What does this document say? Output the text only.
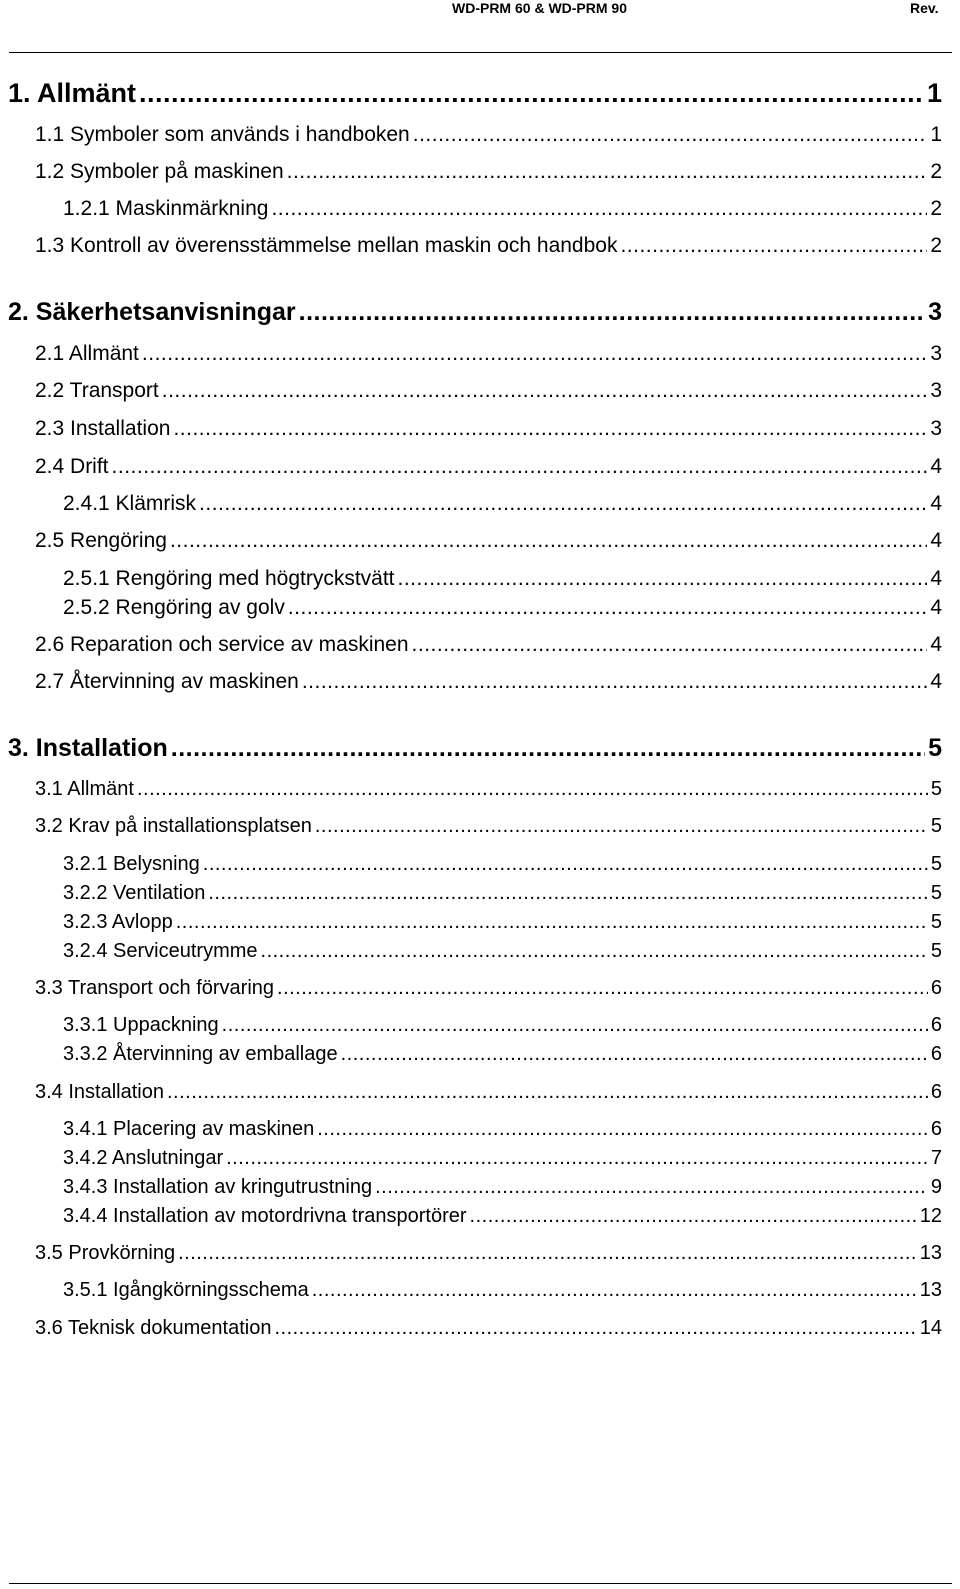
WD-PRM 60 & WD-PRM 90	Rev.
1. Allmänt .....	1
1.1 Symboler som används i handboken .....	1
1.2 Symboler på maskinen .....	2
1.2.1 Maskinmärkning .....	2
1.3 Kontroll av överensstämmelse mellan maskin och handbok .....	2
2. Säkerhetsanvisningar .....	3
2.1 Allmänt .....	3
2.2 Transport .....	3
2.3 Installation .....	3
2.4 Drift .....	4
2.4.1 Klämrisk .....	4
2.5 Rengöring .....	4
2.5.1 Rengöring med högtryckstvätt .....	4
2.5.2 Rengöring av golv .....	4
2.6 Reparation och service av maskinen .....	4
2.7 Återvinning av maskinen .....	4
3. Installation .....	5
3.1 Allmänt .....	5
3.2 Krav på installationsplatsen .....	5
3.2.1 Belysning .....	5
3.2.2 Ventilation .....	5
3.2.3 Avlopp .....	5
3.2.4 Serviceutrymme .....	5
3.3 Transport och förvaring .....	6
3.3.1 Uppackning .....	6
3.3.2 Återvinning av emballage .....	6
3.4 Installation .....	6
3.4.1 Placering av maskinen .....	6
3.4.2 Anslutningar .....	7
3.4.3 Installation av kringutrustning .....	9
3.4.4 Installation av motordrivna transportörer .....	12
3.5 Provkörning .....	13
3.5.1 Igångkörningsschema .....	13
3.6 Teknisk dokumentation .....	14
